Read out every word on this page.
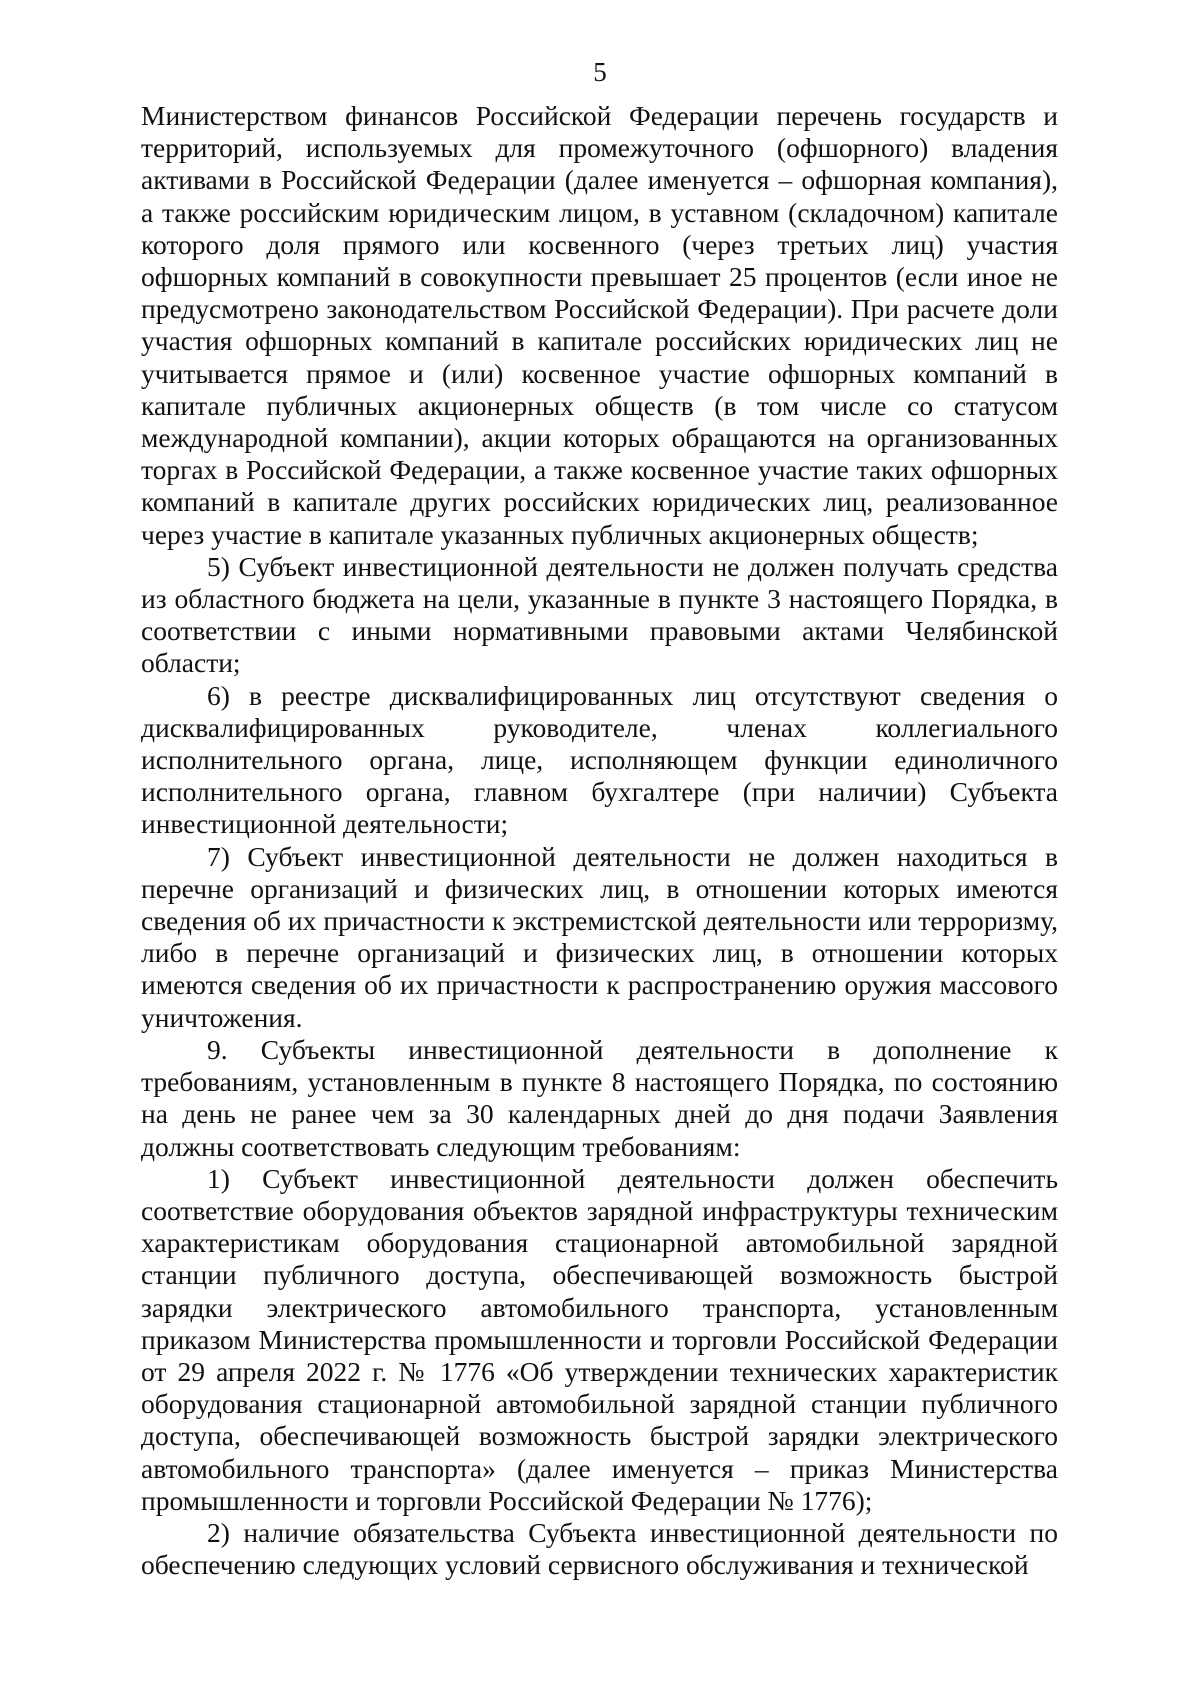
5

Министерством финансов Российской Федерации перечень государств и территорий, используемых для промежуточного (офшорного) владения активами в Российской Федерации (далее именуется – офшорная компания), а также российским юридическим лицом, в уставном (складочном) капитале которого доля прямого или косвенного (через третьих лиц) участия офшорных компаний в совокупности превышает 25 процентов (если иное не предусмотрено законодательством Российской Федерации). При расчете доли участия офшорных компаний в капитале российских юридических лиц не учитывается прямое и (или) косвенное участие офшорных компаний в капитале публичных акционерных обществ (в том числе со статусом международной компании), акции которых обращаются на организованных торгах в Российской Федерации, а также косвенное участие таких офшорных компаний в капитале других российских юридических лиц, реализованное через участие в капитале указанных публичных акционерных обществ;

5) Субъект инвестиционной деятельности не должен получать средства из областного бюджета на цели, указанные в пункте 3 настоящего Порядка, в соответствии с иными нормативными правовыми актами Челябинской области;

6) в реестре дисквалифицированных лиц отсутствуют сведения о дисквалифицированных руководителе, членах коллегиального исполнительного органа, лице, исполняющем функции единоличного исполнительного органа, главном бухгалтере (при наличии) Субъекта инвестиционной деятельности;

7) Субъект инвестиционной деятельности не должен находиться в перечне организаций и физических лиц, в отношении которых имеются сведения об их причастности к экстремистской деятельности или терроризму, либо в перечне организаций и физических лиц, в отношении которых имеются сведения об их причастности к распространению оружия массового уничтожения.

9. Субъекты инвестиционной деятельности в дополнение к требованиям, установленным в пункте 8 настоящего Порядка, по состоянию на день не ранее чем за 30 календарных дней до дня подачи Заявления должны соответствовать следующим требованиям:

1) Субъект инвестиционной деятельности должен обеспечить соответствие оборудования объектов зарядной инфраструктуры техническим характеристикам оборудования стационарной автомобильной зарядной станции публичного доступа, обеспечивающей возможность быстрой зарядки электрического автомобильного транспорта, установленным приказом Министерства промышленности и торговли Российской Федерации от 29 апреля 2022 г. № 1776 «Об утверждении технических характеристик оборудования стационарной автомобильной зарядной станции публичного доступа, обеспечивающей возможность быстрой зарядки электрического автомобильного транспорта» (далее именуется – приказ Министерства промышленности и торговли Российской Федерации № 1776);

2) наличие обязательства Субъекта инвестиционной деятельности по обеспечению следующих условий сервисного обслуживания и технической
